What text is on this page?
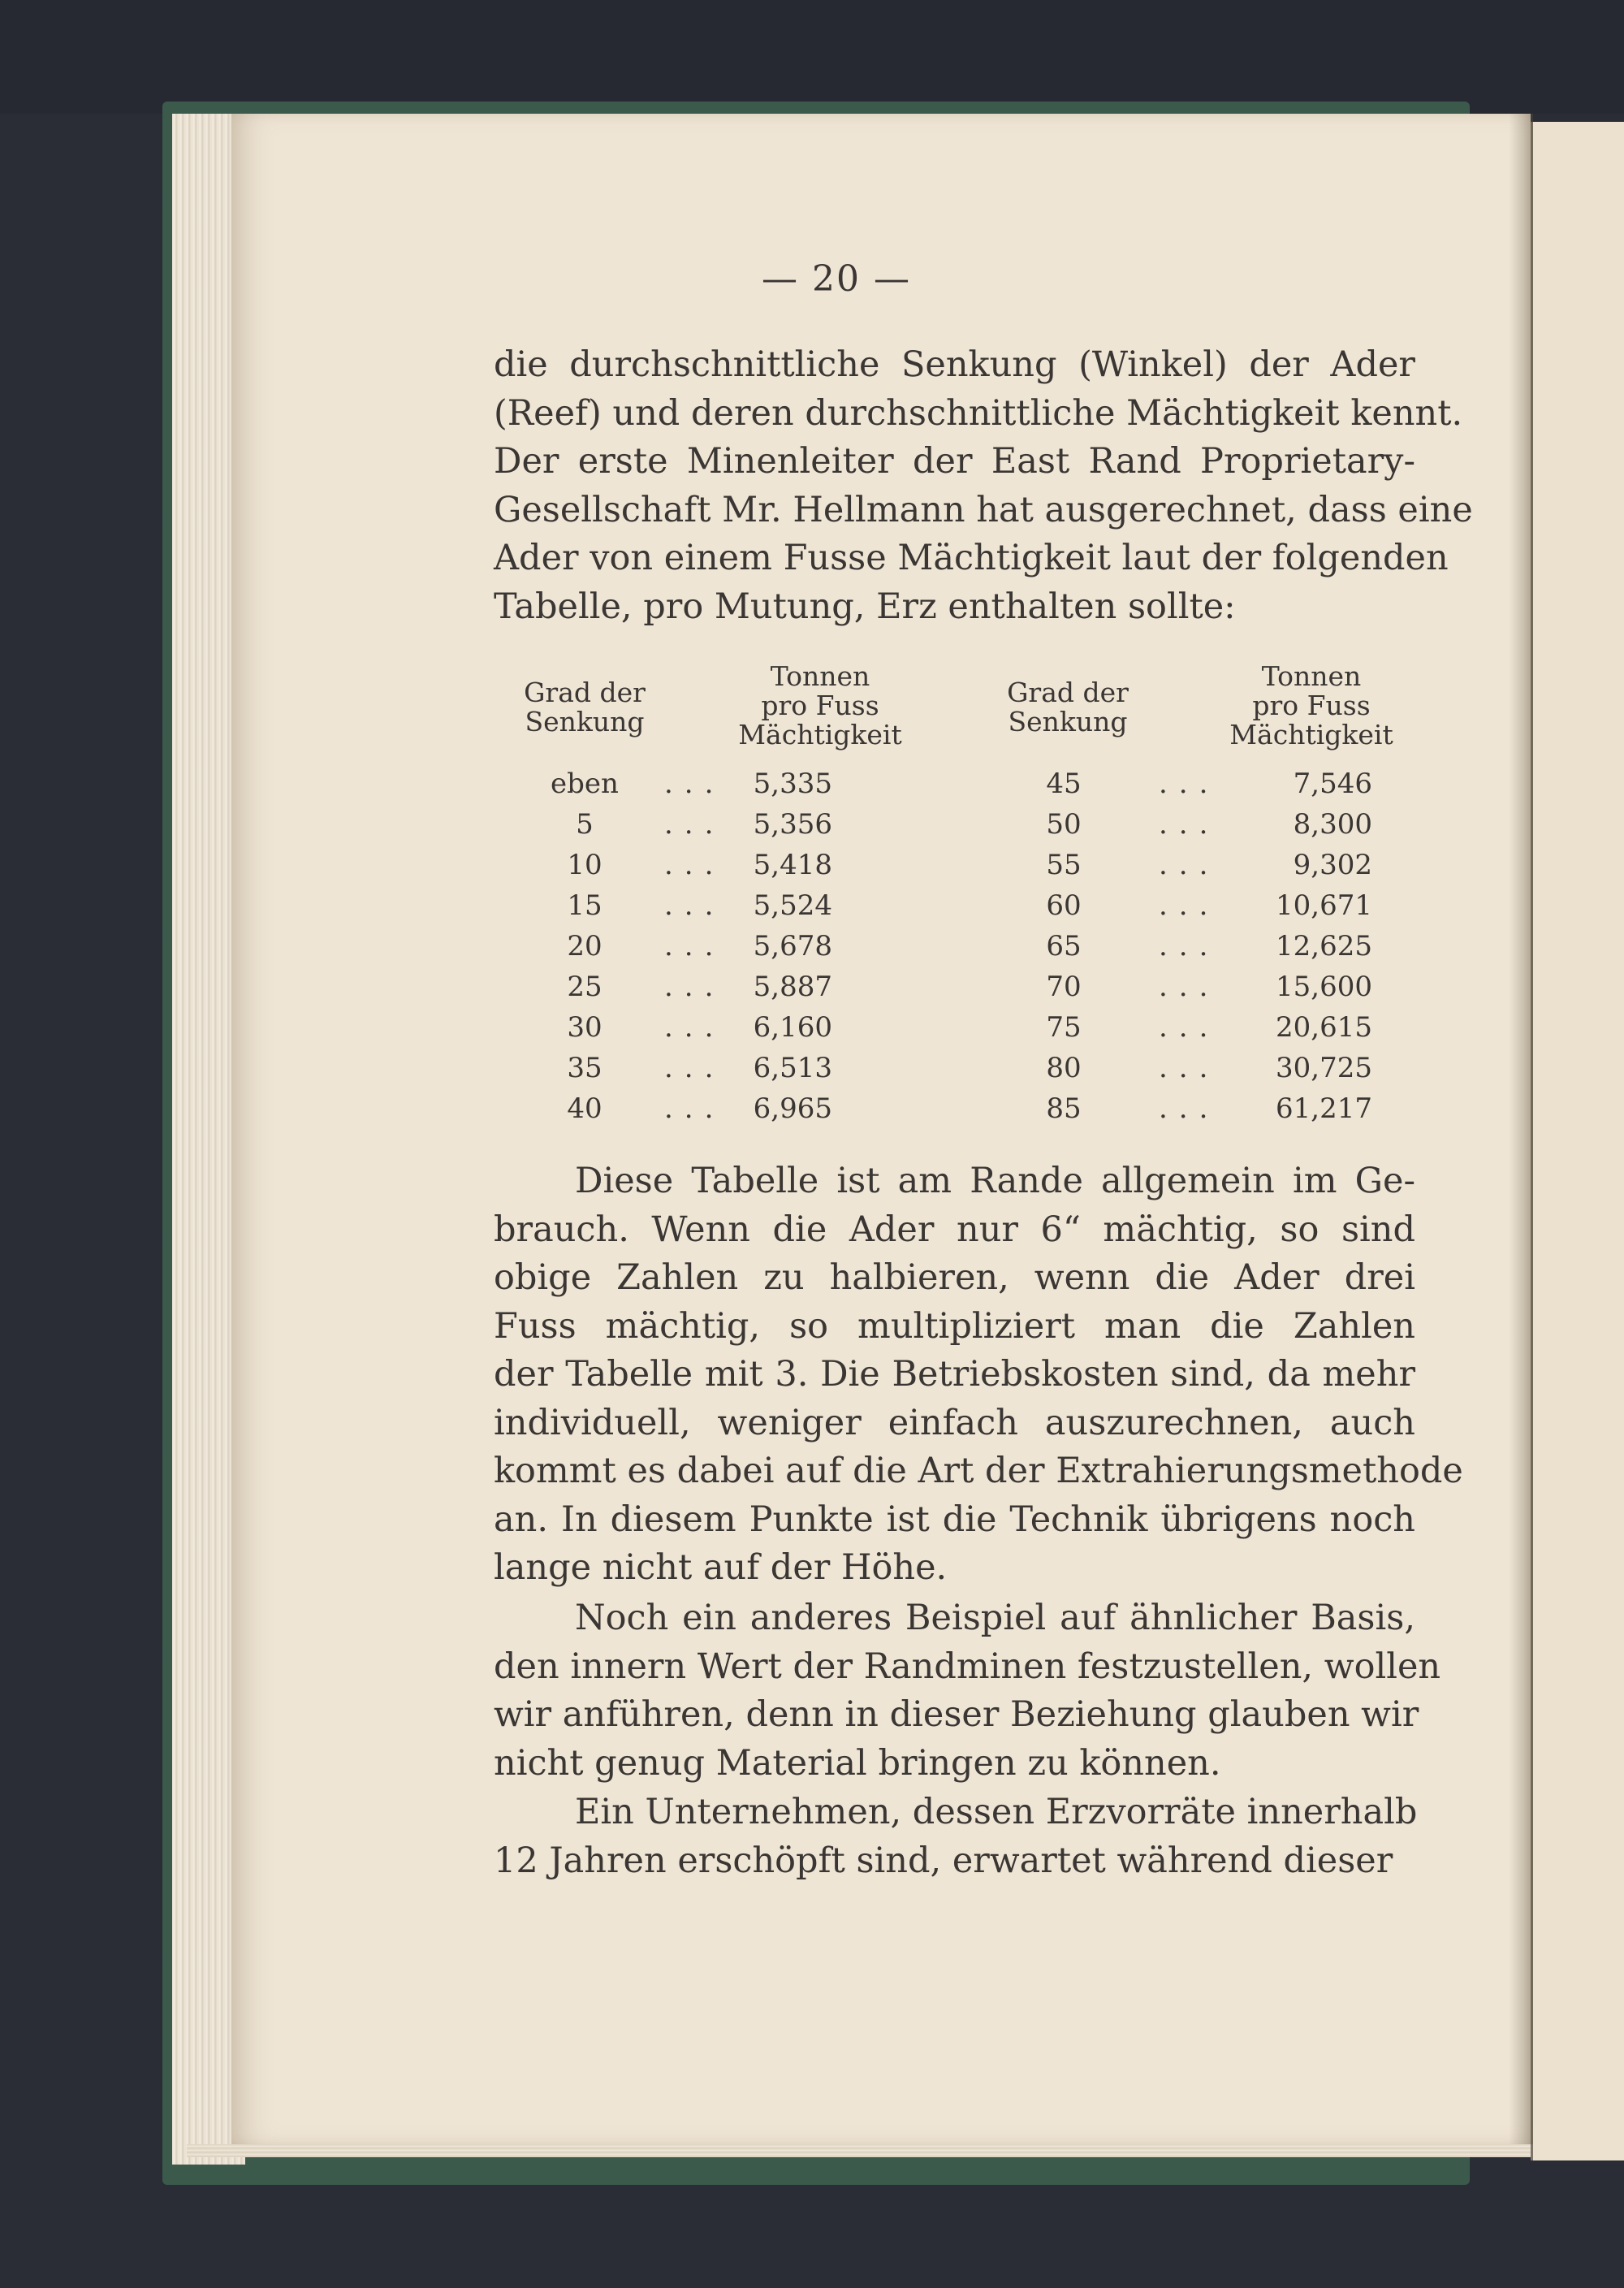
— 20 —
die durchschnittliche Senkung (Winkel) der Ader
(Reef) und deren durchschnittliche Mächtigkeit kennt.
Der erste Minenleiter der East Rand Proprietary-
Gesellschaft Mr. Hellmann hat ausgerechnet, dass eine
Ader von einem Fusse Mächtigkeit laut der folgenden
Tabelle, pro Mutung, Erz enthalten sollte:
Grad der
Senkung
Tonnen
pro Fuss
Mächtigkeit
Grad der
Senkung
Tonnen
pro Fuss
Mächtigkeit
eben	...	5,335	45	...	7,546
5	...	5,356	50	...	8,300
10	...	5,418	55	...	9,302
15	...	5,524	60	...	10,671
20	...	5,678	65	...	12,625
25	...	5,887	70	...	15,600
30	...	6,160	75	...	20,615
35	...	6,513	80	...	30,725
40	...	6,965	85	...	61,217
Diese Tabelle ist am Rande allgemein im Ge-
brauch. Wenn die Ader nur 6“ mächtig, so sind
obige Zahlen zu halbieren, wenn die Ader drei
Fuss mächtig, so multipliziert man die Zahlen
der Tabelle mit 3. Die Betriebskosten sind, da mehr
individuell, weniger einfach auszurechnen, auch
kommt es dabei auf die Art der Extrahierungsmethode
an. In diesem Punkte ist die Technik übrigens noch
lange nicht auf der Höhe.
Noch ein anderes Beispiel auf ähnlicher Basis,
den innern Wert der Randminen festzustellen, wollen
wir anführen, denn in dieser Beziehung glauben wir
nicht genug Material bringen zu können.
Ein Unternehmen, dessen Erzvorräte innerhalb
12 Jahren erschöpft sind, erwartet während dieser
